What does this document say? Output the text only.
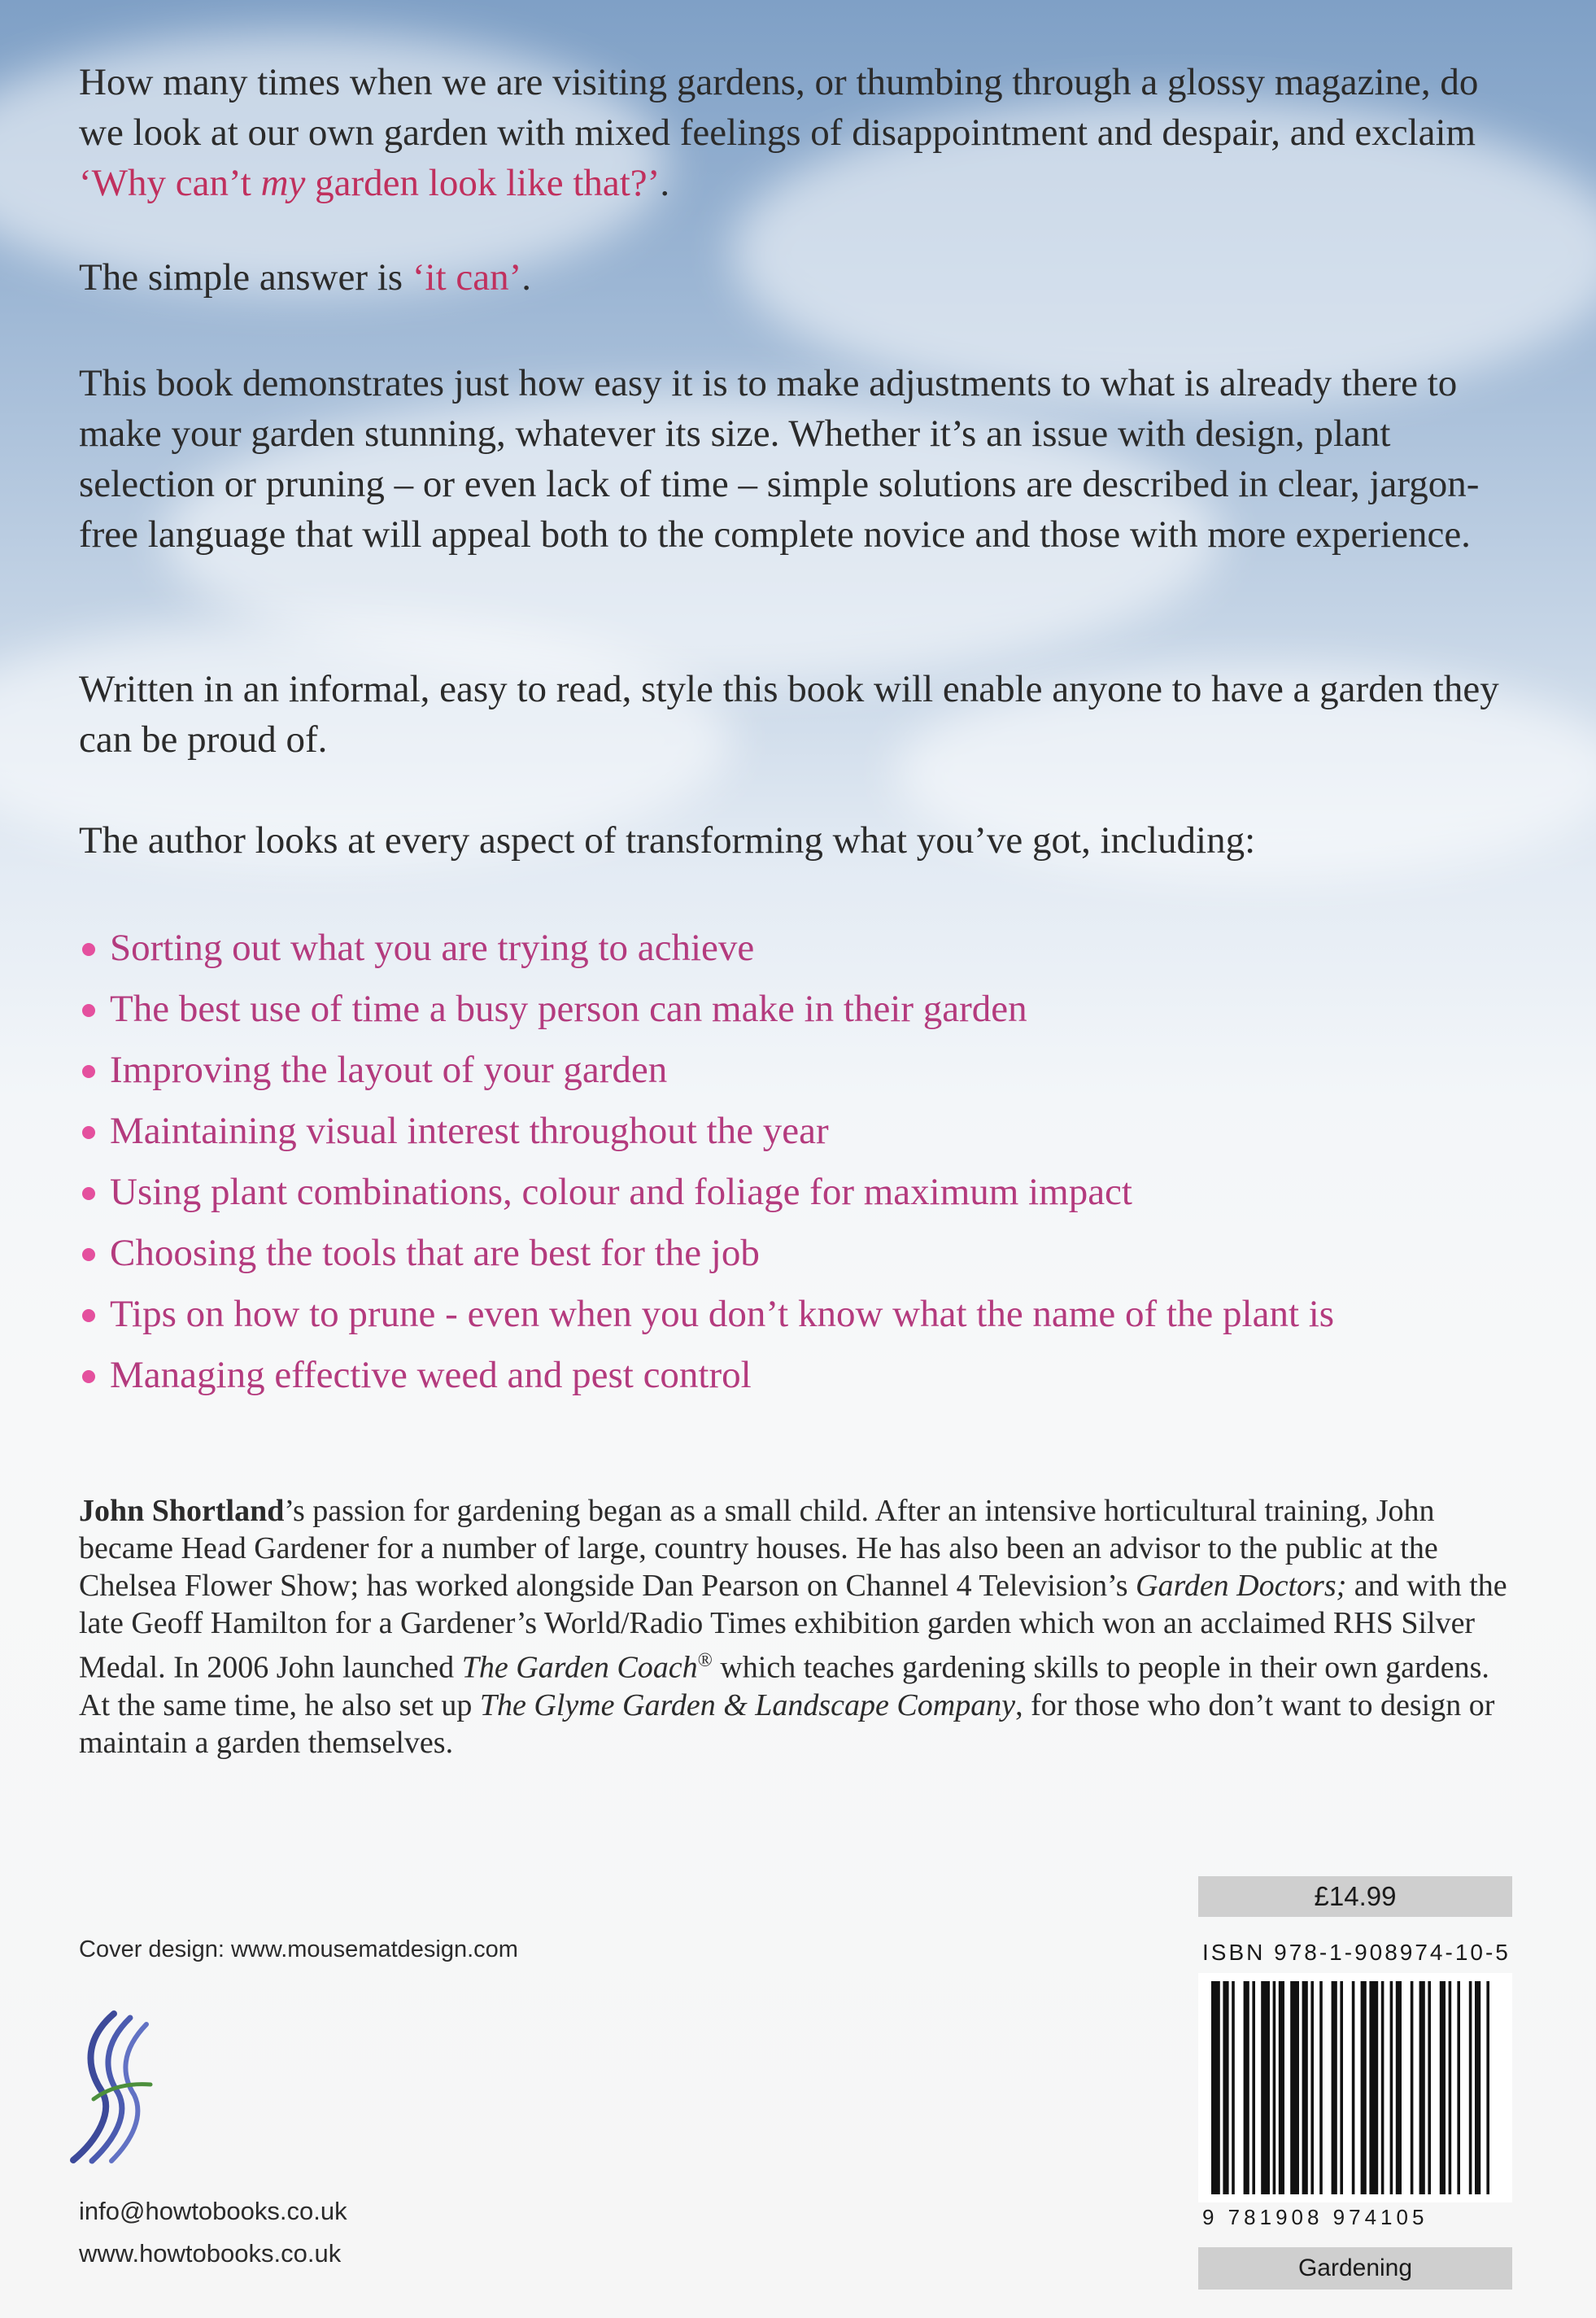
How many times when we are visiting gardens, or thumbing through a glossy magazine, do we look at our own garden with mixed feelings of disappointment and despair, and exclaim ‘Why can’t my garden look like that?’.

The simple answer is ‘it can’.

This book demonstrates just how easy it is to make adjustments to what is already there to make your garden stunning, whatever its size. Whether it’s an issue with design, plant selection or pruning – or even lack of time – simple solutions are described in clear, jargon-free language that will appeal both to the complete novice and those with more experience.

Written in an informal, easy to read, style this book will enable anyone to have a garden they can be proud of.

The author looks at every aspect of transforming what you’ve got, including:

Sorting out what you are trying to achieve
The best use of time a busy person can make in their garden
Improving the layout of your garden
Maintaining visual interest throughout the year
Using plant combinations, colour and foliage for maximum impact
Choosing the tools that are best for the job
Tips on how to prune - even when you don’t know what the name of the plant is
Managing effective weed and pest control

John Shortland’s passion for gardening began as a small child. After an intensive horticultural training, John became Head Gardener for a number of large, country houses. He has also been an advisor to the public at the Chelsea Flower Show; has worked alongside Dan Pearson on Channel 4 Television’s Garden Doctors; and with the late Geoff Hamilton for a Gardener’s World/Radio Times exhibition garden which won an acclaimed RHS Silver Medal. In 2006 John launched The Garden Coach® which teaches gardening skills to people in their own gardens. At the same time, he also set up The Glyme Garden & Landscape Company, for those who don’t want to design or maintain a garden themselves.

Cover design: www.mousematdesign.com
info@howtobooks.co.uk
www.howtobooks.co.uk
£14.99
ISBN 978-1-908974-10-5
9 781908 974105
Gardening
